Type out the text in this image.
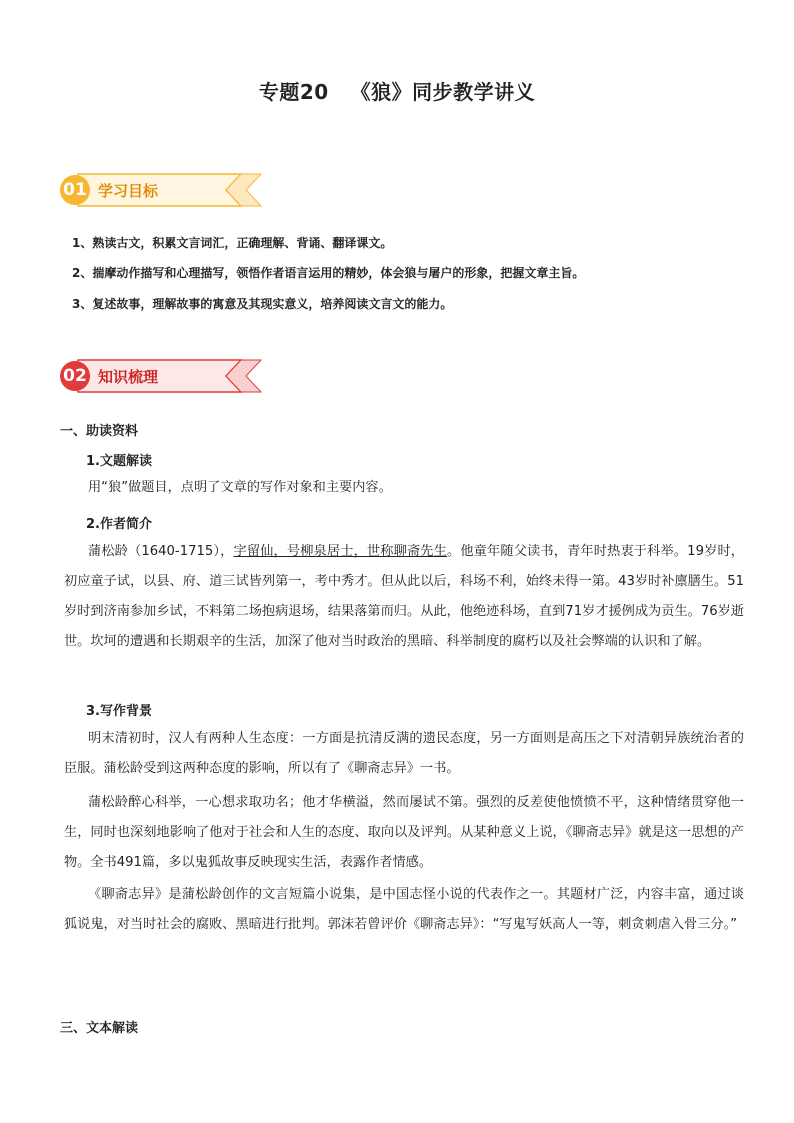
专题20 《狼》同步教学讲义
01 学习目标
1、熟读古文，积累文言词汇，正确理解、背诵、翻译课文。
2、揣摩动作描写和心理描写，领悟作者语言运用的精妙，体会狼与屠户的形象，把握文章主旨。
3、复述故事，理解故事的寓意及其现实意义，培养阅读文言文的能力。
02 知识梳理
一、助读资料
1.文题解读
用“狼”做题目，点明了文章的写作对象和主要内容。
2.作者简介
蒲松龄（1640-1715），字留仙，号柳泉居士，世称聊斋先生。他童年随父读书，青年时热衷于科举。19岁时，初应童子试，以县、府、道三试皆列第一，考中秀才。但从此以后，科场不利，始终未得一第。43岁时补廪膳生。51岁时到济南参加乡试，不料第二场抱病退场，结果落第而归。从此，他绝迹科场，直到71岁才援例成为贡生。76岁逝世。坎坷的遭遇和长期艰辛的生活，加深了他对当时政治的黑暗、科举制度的腐朽以及社会弊端的认识和了解。
3.写作背景
明末清初时，汉人有两种人生态度：一方面是抗清反满的遗民态度，另一方面则是高压之下对清朝异族统治者的臣服。蒲松龄受到这两种态度的影响，所以有了《聊斋志异》一书。
蒲松龄醉心科举，一心想求取功名；他才华横溢，然而屡试不第。强烈的反差使他愤愤不平，这种情绪贯穿他一生，同时也深刻地影响了他对于社会和人生的态度、取向以及评判。从某种意义上说，《聊斋志异》就是这一思想的产物。全书491篇，多以鬼狐故事反映现实生活，表露作者情感。
《聊斋志异》是蒲松龄创作的文言短篇小说集，是中国志怪小说的代表作之一。其题材广泛，内容丰富，通过谈狐说鬼，对当时社会的腐败、黑暗进行批判。郭沫若曾评价《聊斋志异》：“写鬼写妖高人一等，刺贪刺虐入骨三分。”
三、文本解读
